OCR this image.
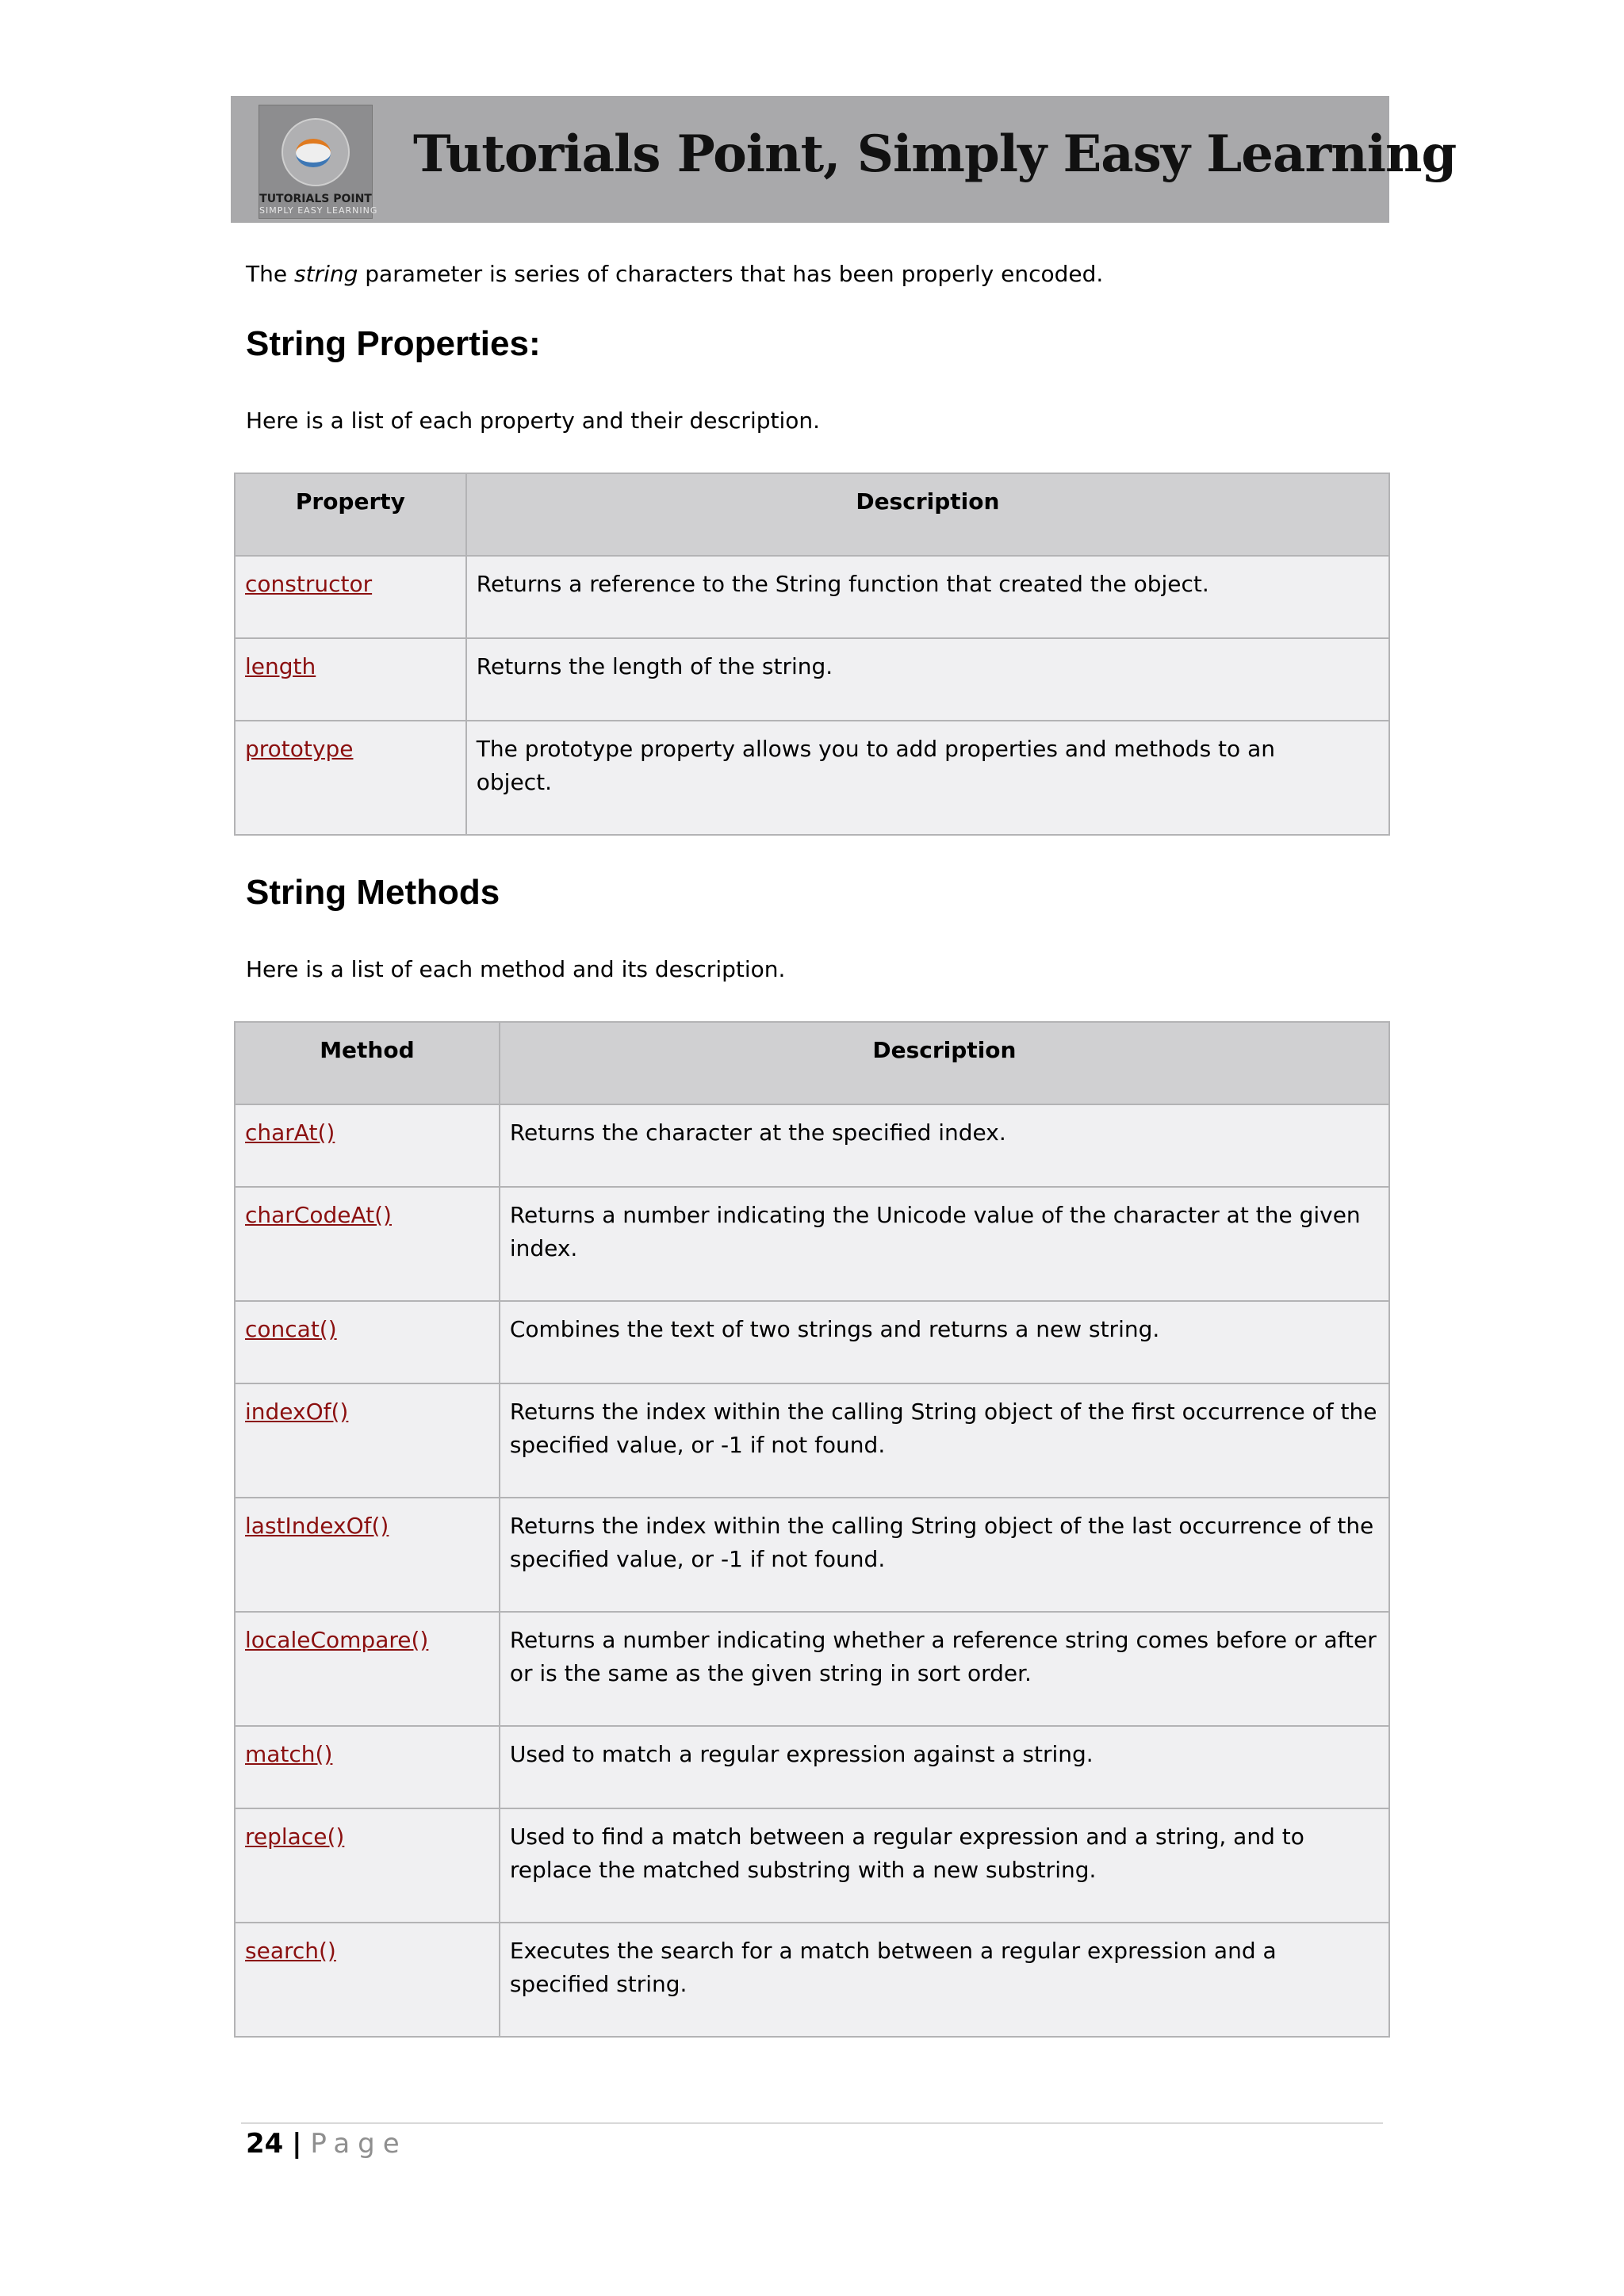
TUTORIALS POINT
SIMPLY EASY LEARNING
Tutorials Point, Simply Easy Learning
The string parameter is series of characters that has been properly encoded.
String Properties:
Here is a list of each property and their description.
Property	Description
constructor	Returns a reference to the String function that created the object.
length	Returns the length of the string.
prototype	The prototype property allows you to add properties and methods to an object.
String Methods
Here is a list of each method and its description.
Method	Description
charAt()	Returns the character at the specified index.
charCodeAt()	Returns a number indicating the Unicode value of the character at the given index.
concat()	Combines the text of two strings and returns a new string.
indexOf()	Returns the index within the calling String object of the first occurrence of the specified value, or -1 if not found.
lastIndexOf()	Returns the index within the calling String object of the last occurrence of the specified value, or -1 if not found.
localeCompare()	Returns a number indicating whether a reference string comes before or after or is the same as the given string in sort order.
match()	Used to match a regular expression against a string.
replace()	Used to find a match between a regular expression and a string, and to replace the matched substring with a new substring.
search()	Executes the search for a match between a regular expression and a specified string.
24 | Page
